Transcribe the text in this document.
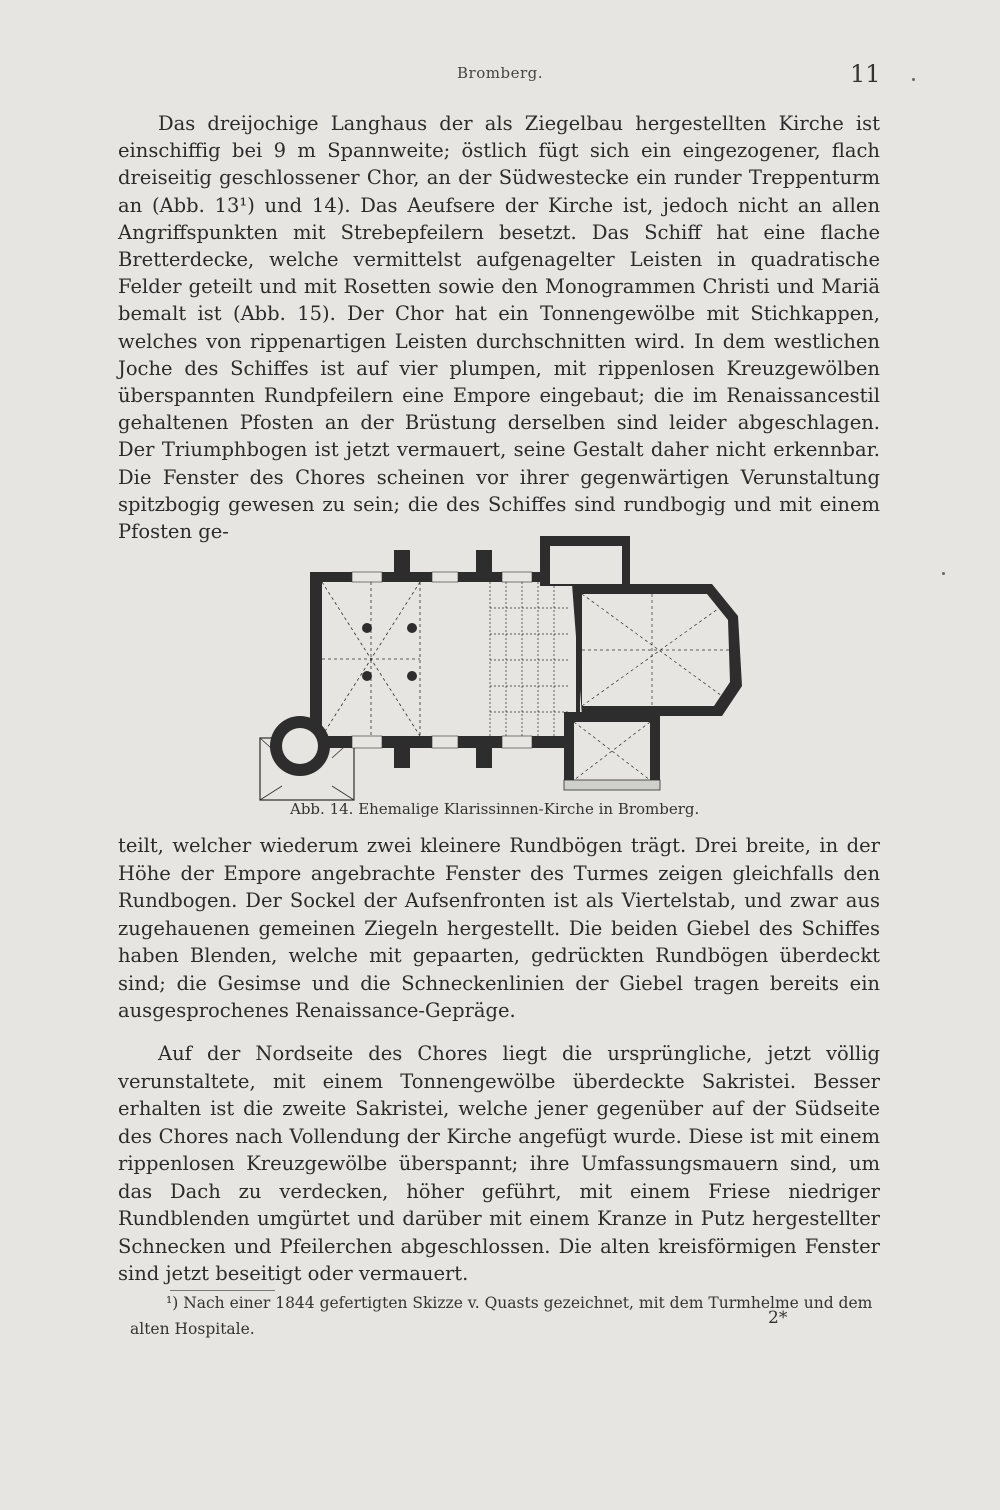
Bromberg.	11

Das dreijochige Langhaus der als Ziegelbau hergestellten Kirche ist einschiffig bei 9 m Spannweite; östlich fügt sich ein eingezogener, flach dreiseitig geschlossener Chor, an der Südwestecke ein runder Treppenturm an (Abb. 13¹) und 14). Das Aeufsere der Kirche ist, jedoch nicht an allen Angriffspunkten mit Strebepfeilern besetzt. Das Schiff hat eine flache Bretterdecke, welche vermittelst aufgenagelter Leisten in quadratische Felder geteilt und mit Rosetten sowie den Monogrammen Christi und Mariä bemalt ist (Abb. 15). Der Chor hat ein Tonnengewölbe mit Stichkappen, welches von rippenartigen Leisten durchschnitten wird. In dem westlichen Joche des Schiffes ist auf vier plumpen, mit rippenlosen Kreuzgewölben überspannten Rundpfeilern eine Empore eingebaut; die im Renaissancestil gehaltenen Pfosten an der Brüstung derselben sind leider abgeschlagen. Der Triumphbogen ist jetzt vermauert, seine Gestalt daher nicht erkennbar. Die Fenster des Chores scheinen vor ihrer gegenwärtigen Verunstaltung spitzbogig gewesen zu sein; die des Schiffes sind rundbogig und mit einem Pfosten ge-

Abb. 14. Ehemalige Klarissinnen-Kirche in Bromberg.

teilt, welcher wiederum zwei kleinere Rundbögen trägt. Drei breite, in der Höhe der Empore angebrachte Fenster des Turmes zeigen gleichfalls den Rundbogen. Der Sockel der Aufsenfronten ist als Viertelstab, und zwar aus zugehauenen gemeinen Ziegeln hergestellt. Die beiden Giebel des Schiffes haben Blenden, welche mit gepaarten, gedrückten Rundbögen überdeckt sind; die Gesimse und die Schneckenlinien der Giebel tragen bereits ein ausgesprochenes Renaissance-Gepräge.

Auf der Nordseite des Chores liegt die ursprüngliche, jetzt völlig verunstaltete, mit einem Tonnengewölbe überdeckte Sakristei. Besser erhalten ist die zweite Sakristei, welche jener gegenüber auf der Südseite des Chores nach Vollendung der Kirche angefügt wurde. Diese ist mit einem rippenlosen Kreuzgewölbe überspannt; ihre Umfassungsmauern sind, um das Dach zu verdecken, höher geführt, mit einem Friese niedriger Rundblenden umgürtet und darüber mit einem Kranze in Putz hergestellter Schnecken und Pfeilerchen abgeschlossen. Die alten kreisförmigen Fenster sind jetzt beseitigt oder vermauert.

¹) Nach einer 1844 gefertigten Skizze v. Quasts gezeichnet, mit dem Turmhelme und dem alten Hospitale.

2*
